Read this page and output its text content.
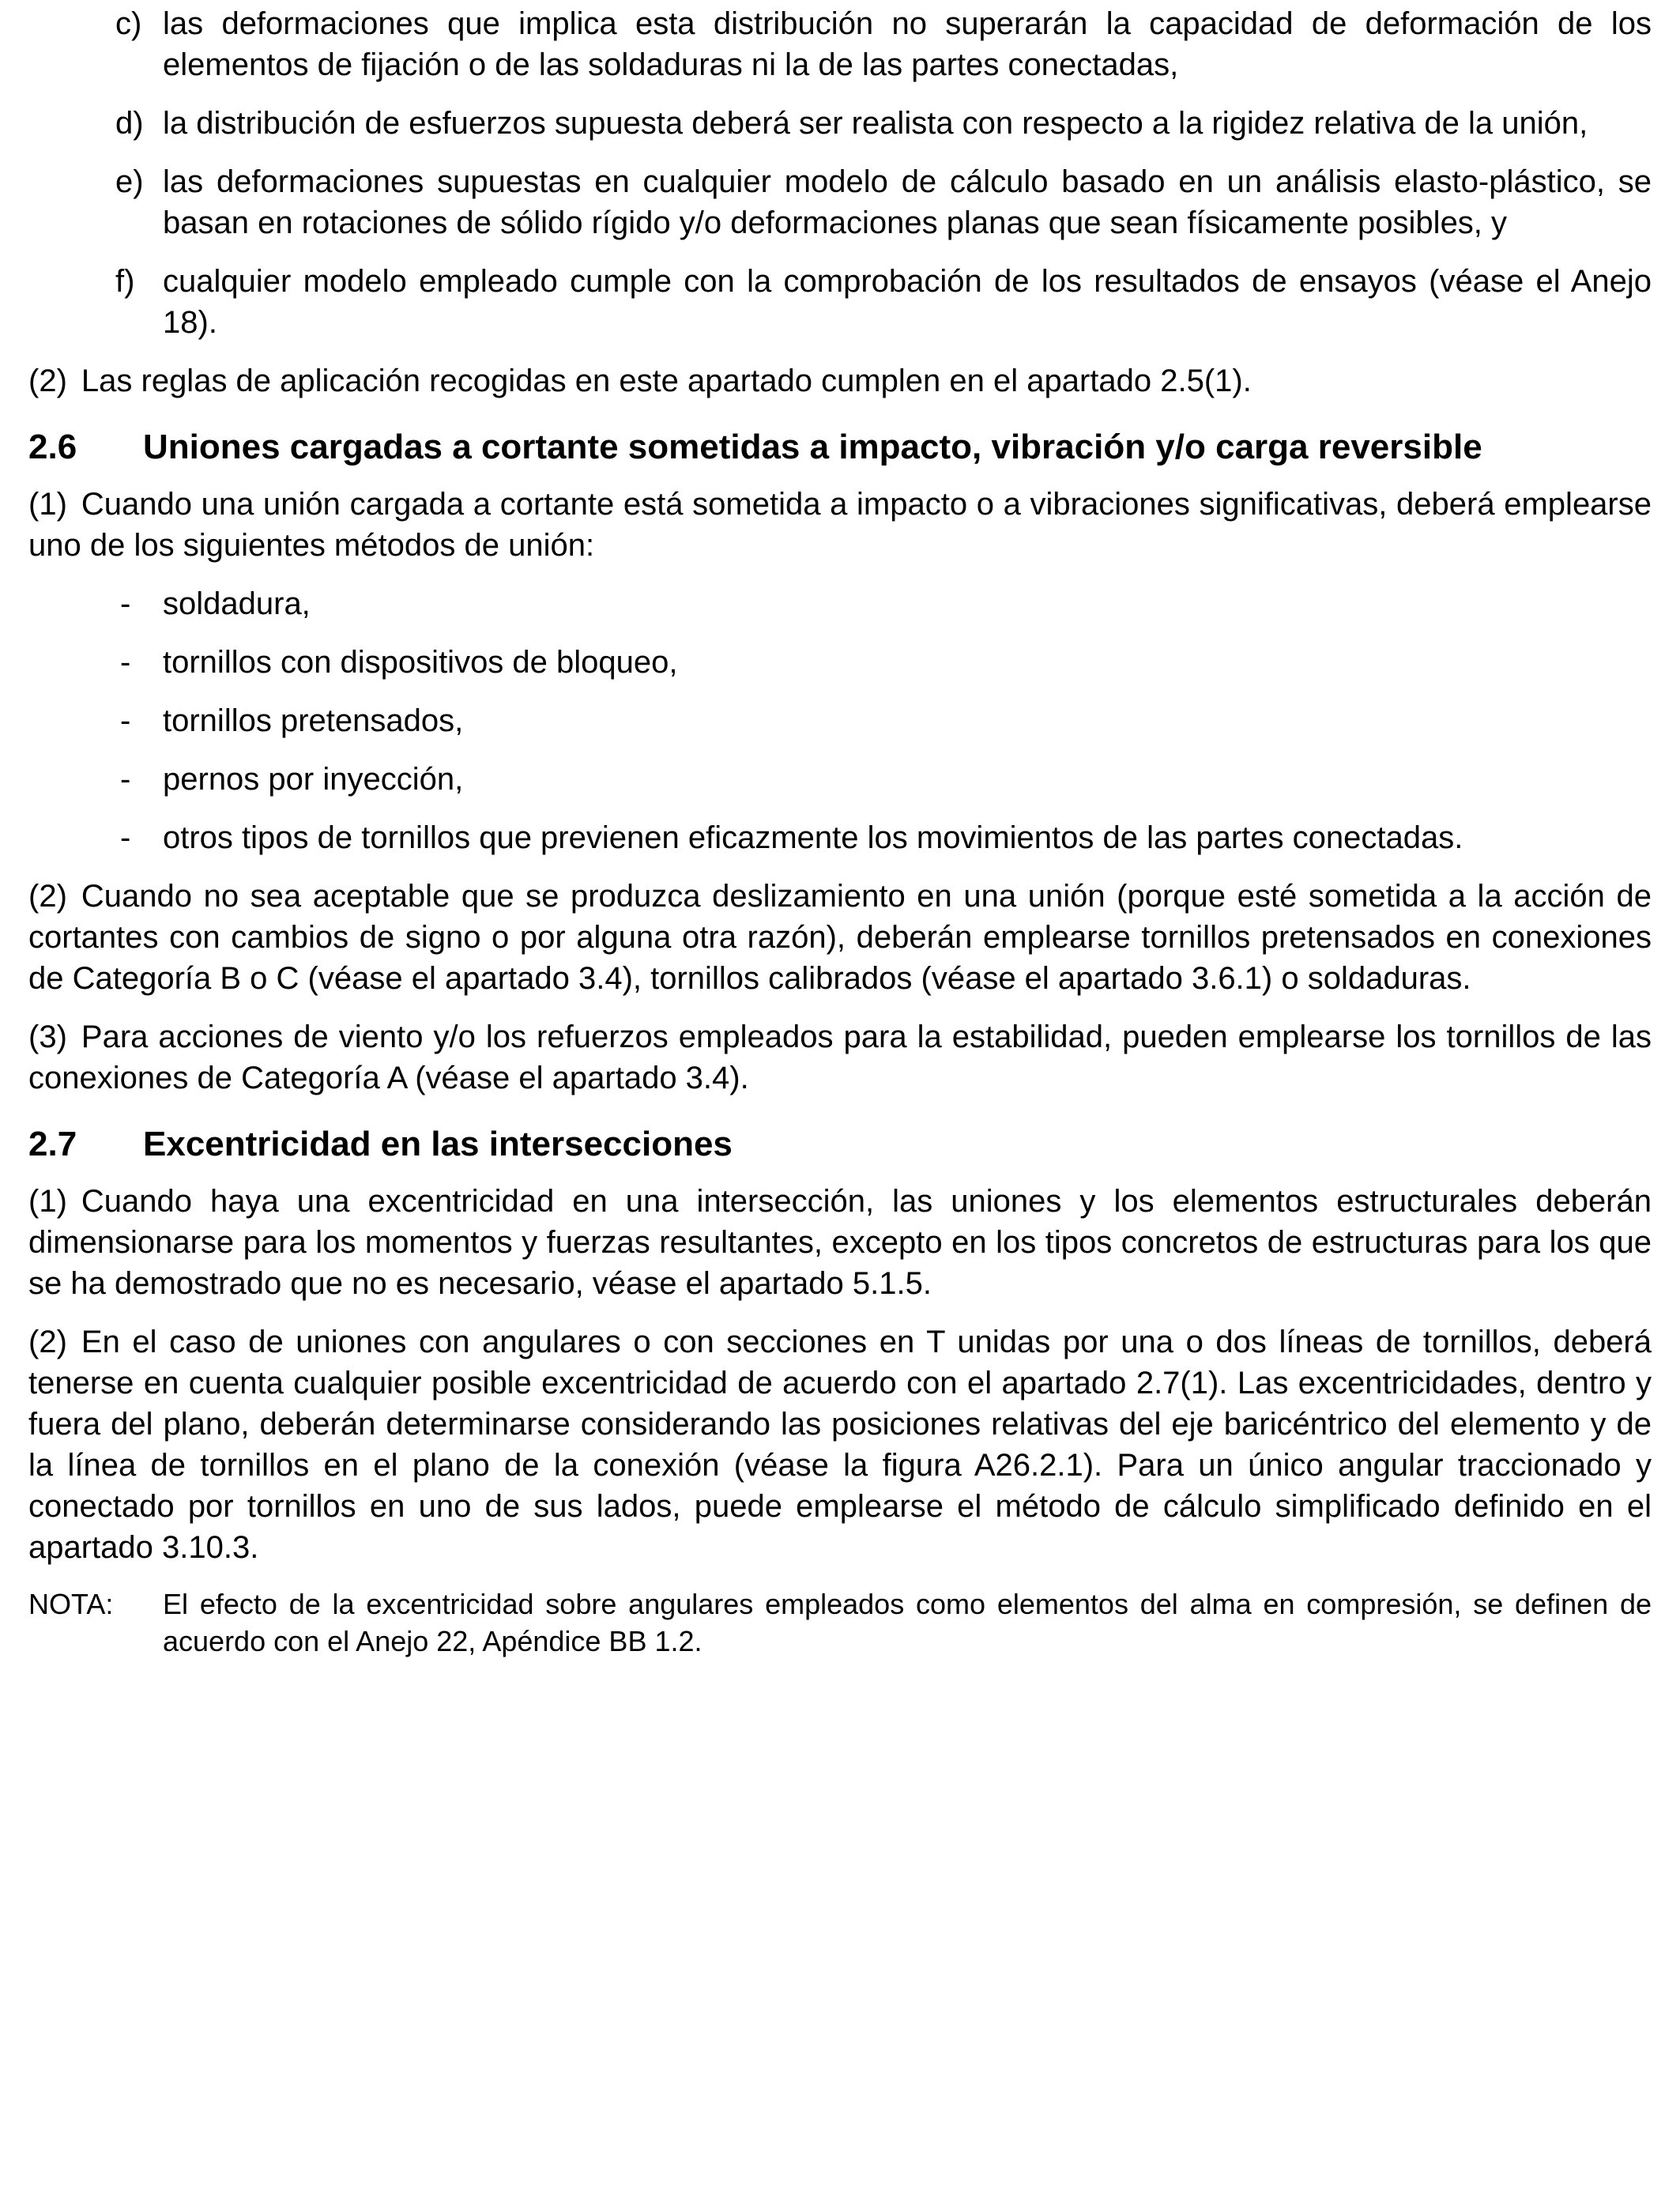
c) las deformaciones que implica esta distribución no superarán la capacidad de deformación de los elementos de fijación o de las soldaduras ni la de las partes conectadas,
d) la distribución de esfuerzos supuesta deberá ser realista con respecto a la rigidez relativa de la unión,
e) las deformaciones supuestas en cualquier modelo de cálculo basado en un análisis elasto-plástico, se basan en rotaciones de sólido rígido y/o deformaciones planas que sean físicamente posibles, y
f) cualquier modelo empleado cumple con la comprobación de los resultados de ensayos (véase el Anejo 18).
(2) Las reglas de aplicación recogidas en este apartado cumplen en el apartado 2.5(1).
2.6	Uniones cargadas a cortante sometidas a impacto, vibración y/o carga reversible
(1) Cuando una unión cargada a cortante está sometida a impacto o a vibraciones significativas, deberá emplearse uno de los siguientes métodos de unión:
- soldadura,
- tornillos con dispositivos de bloqueo,
- tornillos pretensados,
- pernos por inyección,
- otros tipos de tornillos que previenen eficazmente los movimientos de las partes conectadas.
(2) Cuando no sea aceptable que se produzca deslizamiento en una unión (porque esté sometida a la acción de cortantes con cambios de signo o por alguna otra razón), deberán emplearse tornillos pretensados en conexiones de Categoría B o C (véase el apartado 3.4), tornillos calibrados (véase el apartado 3.6.1) o soldaduras.
(3) Para acciones de viento y/o los refuerzos empleados para la estabilidad, pueden emplearse los tornillos de las conexiones de Categoría A (véase el apartado 3.4).
2.7	Excentricidad en las intersecciones
(1) Cuando haya una excentricidad en una intersección, las uniones y los elementos estructurales deberán dimensionarse para los momentos y fuerzas resultantes, excepto en los tipos concretos de estructuras para los que se ha demostrado que no es necesario, véase el apartado 5.1.5.
(2) En el caso de uniones con angulares o con secciones en T unidas por una o dos líneas de tornillos, deberá tenerse en cuenta cualquier posible excentricidad de acuerdo con el apartado 2.7(1). Las excentricidades, dentro y fuera del plano, deberán determinarse considerando las posiciones relativas del eje baricéntrico del elemento y de la línea de tornillos en el plano de la conexión (véase la figura A26.2.1). Para un único angular traccionado y conectado por tornillos en uno de sus lados, puede emplearse el método de cálculo simplificado definido en el apartado 3.10.3.
NOTA: El efecto de la excentricidad sobre angulares empleados como elementos del alma en compresión, se definen de acuerdo con el Anejo 22, Apéndice BB 1.2.
